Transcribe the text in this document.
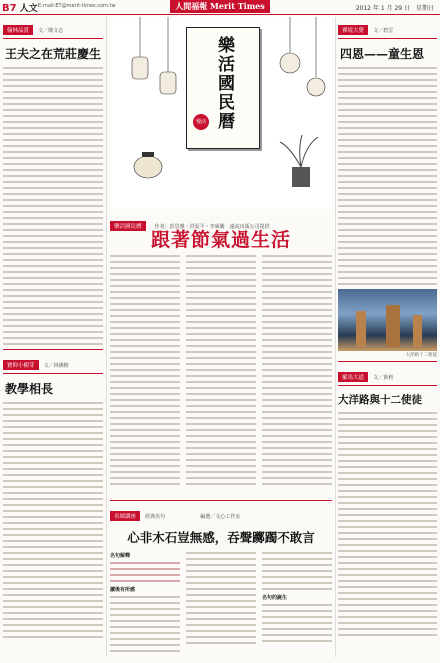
B7 人文 E-mail:ET@merit-times.com.tw	人間福報 Merit Times	2012 年 1 月 29 日　星期日
翰林品賞 文／簡文志
王夫之在荒莊慶生
寶仰小樹芽 文／林佛楷
教學相長
樂活國民曆
慢活
樂活國民曆	作者：彭思雅・洪夏平・李威騰　遠流出版公司提供
跟著節氣過生活
名師講座 經典名句	編選／文心工作室
心非木石豈無感，吞聲躑躅不敢言
名句解釋
讀後有所感
名句的誕生
禪境大覺 文／碧雲
四恩——童生恩
大洋路十二使徒
羅馬大道 文／黃莉
大洋路與十二使徒
